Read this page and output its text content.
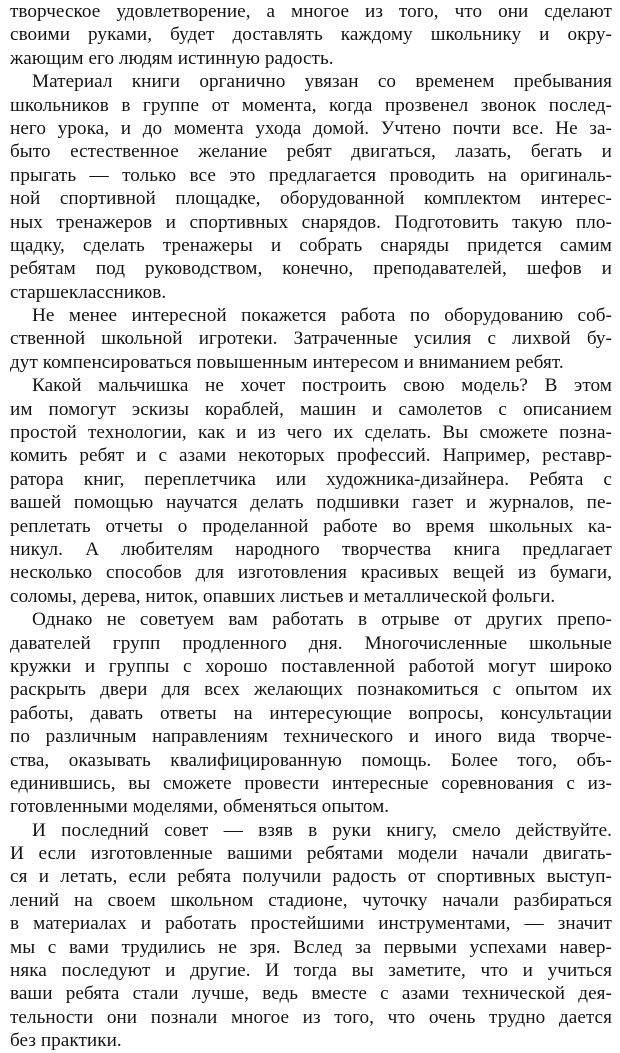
творческое удовлетворение, а многое из того, что они сделают
своими руками, будет доставлять каждому школьнику и окру-
жающим его людям истинную радость.
Материал книги органично увязан со временем пребывания
школьников в группе от момента, когда прозвенел звонок послед-
него урока, и до момента ухода домой. Учтено почти все. Не за-
быто естественное желание ребят двигаться, лазать, бегать и
прыгать — только все это предлагается проводить на оригиналь-
ной спортивной площадке, оборудованной комплектом интерес-
ных тренажеров и спортивных снарядов. Подготовить такую пло-
щадку, сделать тренажеры и собрать снаряды придется самим
ребятам под руководством, конечно, преподавателей, шефов и
старшеклассников.
Не менее интересной покажется работа по оборудованию соб-
ственной школьной игротеки. Затраченные усилия с лихвой бу-
дут компенсироваться повышенным интересом и вниманием ребят.
Какой мальчишка не хочет построить свою модель? В этом
им помогут эскизы кораблей, машин и самолетов с описанием
простой технологии, как и из чего их сделать. Вы сможете позна-
комить ребят и с азами некоторых профессий. Например, реставр-
ратора книг, переплетчика или художника-дизайнера. Ребята с
вашей помощью научатся делать подшивки газет и журналов, пе-
реплетать отчеты о проделанной работе во время школьных ка-
никул. А любителям народного творчества книга предлагает
несколько способов для изготовления красивых вещей из бумаги,
соломы, дерева, ниток, опавших листьев и металлической фольги.
Однако не советуем вам работать в отрыве от других препо-
давателей групп продленного дня. Многочисленные школьные
кружки и группы с хорошо поставленной работой могут широко
раскрыть двери для всех желающих познакомиться с опытом их
работы, давать ответы на интересующие вопросы, консультации
по различным направлениям технического и иного вида творче-
ства, оказывать квалифицированную помощь. Более того, объ-
единившись, вы сможете провести интересные соревнования с из-
готовленными моделями, обменяться опытом.
И последний совет — взяв в руки книгу, смело действуйте.
И если изготовленные вашими ребятами модели начали двигать-
ся и летать, если ребята получили радость от спортивных выступ-
лений на своем школьном стадионе, чуточку начали разбираться
в материалах и работать простейшими инструментами, — значит
мы с вами трудились не зря. Вслед за первыми успехами навер-
няка последуют и другие. И тогда вы заметите, что и учиться
ваши ребята стали лучше, ведь вместе с азами технической дея-
тельности они познали многое из того, что очень трудно дается
без практики.
